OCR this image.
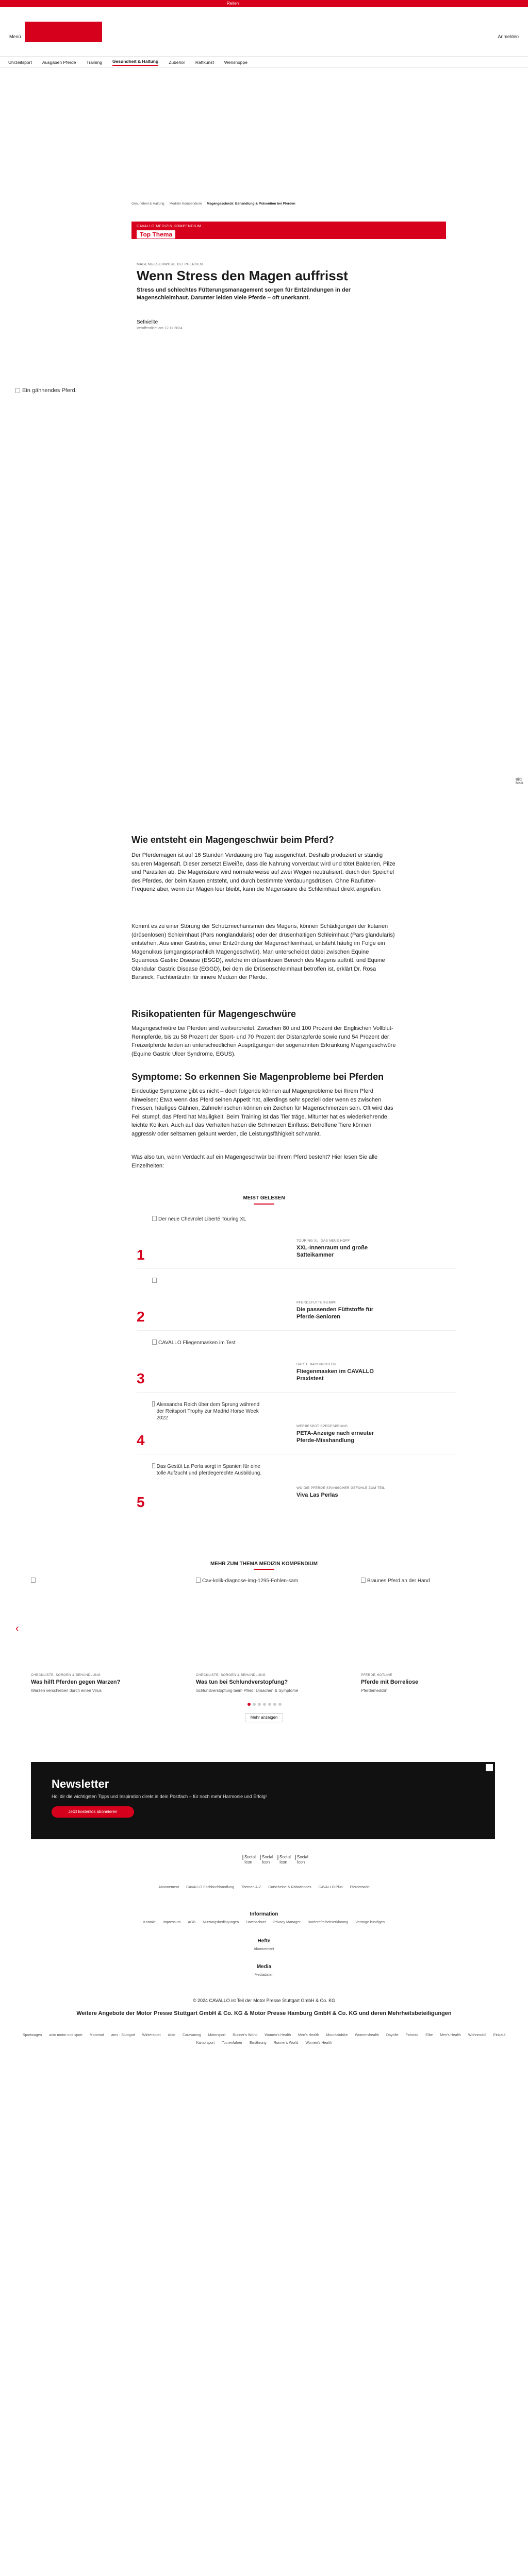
Reiten
Menü	Anmelden
Uhrzeitsport Ausgaben Pferde Training Gesundheit & Haltung Zubehör Rattkunst Wenshoppe
Gesundheit & Haltung Medizin Kompendium Magengeschwür: Behandlung & Prävention bei Pferden
CAVALLO MEDIZIN KOMPENDIUM
Top Thema
MAGENGESCHWÜRE BEI PFERDEN
Wenn Stress den Magen auffrisst

Stress und schlechtes Fütterungsmanagement sorgen für Entzündungen in der Magenschleimhaut. Darunter leiden viele Pferde – oft unerkannt.

Sefniellte
Veröffentlicht am 12.11.2024
Ein gähnendes Pferd.
Bild: Maik
Wie entsteht ein Magengeschwür beim Pferd?

Der Pferdemagen ist auf 16 Stunden Verdauung pro Tag ausgerichtet. Deshalb produziert er ständig saueren Magensaft. Dieser zersetzt Eiweiße, dass die Nahrung vorverdaut wird und tötet Bakterien, Pilze und Parasiten ab. Die Magensäure wird normalerweise auf zwei Wegen neutralisiert: durch den Speichel des Pferdes, der beim Kauen entsteht, und durch bestimmte Verdauungsdrüsen. Ohne Raufutter-Frequenz aber, wenn der Magen leer bleibt, kann die Magensäure die Schleimhaut direkt angreifen.

Kommt es zu einer Störung der Schutzmechanismen des Magens, können Schädigungen der kutanen (drüsenlosen) Schleimhaut (Pars nonglandularis) oder der drüsenhaltigen Schleimhaut (Pars glandularis) entstehen. Aus einer Gastritis, einer Entzündung der Magenschleimhaut, entsteht häufig im Folge ein Magenulkus (umgangssprachlich Magengeschwür). Man unterscheidet dabei zwischen Equine Squamous Gastric Disease (ESGD), welche im drüsenlosen Bereich des Magens auftritt, und Equine Glandular Gastric Disease (EGGD), bei dem die Drüsenschleimhaut betroffen ist, erklärt Dr. Rosa Barsnick, Fachtierärztin für innere Medizin der Pferde.

Risikopatienten für Magengeschwüre

Magengeschwüre bei Pferden sind weitverbreitet: Zwischen 80 und 100 Prozent der Englischen Vollblut-Rennpferde, bis zu 58 Prozent der Sport- und 70 Prozent der Distanzpferde sowie rund 54 Prozent der Freizeitpferde leiden an unterschiedlichen Ausprägungen der sogenannten Erkrankung Magengeschwüre (Equine Gastric Ulcer Syndrome, EGUS).

Symptome: So erkennen Sie Magenprobleme bei Pferden

Eindeutige Symptome gibt es nicht – doch folgende können auf Magenprobleme bei Ihrem Pferd hinweisen: Etwa wenn das Pferd seinen Appetit hat, allerdings sehr speziell oder wenn es zwischen Fressen, häufiges Gähnen, Zähneknirschen können ein Zeichen für Magenschmerzen sein. Oft wird das Fell stumpf, das Pferd hat Mauligkeit. Beim Training ist das Tier träge. Mitunter hat es wiederkehrende, leichte Koliken. Auch auf das Verhalten haben die Schmerzen Einfluss: Betroffene Tiere können aggressiv oder seltsamen gelaunt werden, die Leistungsfähigkeit schwankt.

Was also tun, wenn Verdacht auf ein Magengeschwür bei Ihrem Pferd besteht? Hier lesen Sie alle Einzelheiten:

MEIST GELESEN
1
Der neue Chevrolet Liberté Touring XL
TOURING XL: DAS NEUE HOFF
XXL-Innenraum und große Satteikammer
2
PFERDEFUTTER-EMPF
Die passenden Füttstoffe für Pferde-Senioren
3
CAVALLO Fliegenmasken im Test
HARTE NACHRICHTEN
Fliegenmasken im CAVALLO Praxistest
4
Alessandra Reich über dem Sprung während der Reitsport Trophy zur Madrid Horse Week 2022
WERBESPOT SPEDESPRUNG
PETA-Anzeige nach erneuter Pferde-Misshandlung
5
Das Gestüt La Perla sorgt in Spanien für eine tolle Aufzucht und pferdegerechte Ausbildung.
WO DIE PFERDE SPANISCHER GEFÜHLE ZUM TEIL
Viva Las Perlas
MEHR ZUM THEMA MEDIZIN KOMPENDIUM
‹
CHECKLISTE, SORGEN & BEHANDLUNG
Was hilft Pferden gegen Warzen?
Warzen verschieben durch einen Virus
Cav-kolik-diagnose-img-1295-Fohlen-sam
CHECKLISTE, SORGEN & BEHANDLUNG
Was tun bei Schlundverstopfung?
Schlundverstopfung beim Pferd: Ursachen & Symptome
Braunes Pferd an der Hand
PFERDE-HOTLINE
Pferde mit Borreliose
Pferdemedizin
Mehr anzeigen
Newsletter
Hol dir die wichtigsten Tipps und Inspiration direkt in dein Postfach – für noch mehr Harmonie und Erfolg!
Jetzt kostenlos abonnieren
Social Icon
Social Icon
Social Icon
Social Icon
Abonnement CAVALLO Fachbuchhandlung Themen A-Z Gutscheine & Rabattcodes CAVALLO Plus Pferdemarkt
Information
Kontakt Impressum AGB Nutzungsbedingungen Datenschutz Privacy Manager Barrierefreiheitserklärung Verträge kündigen
Hefte
Abonnement
Media
Mediadaten
© 2024 CAVALLO ist Teil der Motor Presse Stuttgart GmbH & Co. KG
Weitere Angebote der Motor Presse Stuttgart GmbH & Co. KG & Motor Presse Hamburg GmbH & Co. KG und deren Mehrheitsbeteiligungen
Sportwagen auto motor und sport Motorrad ams - Stuttgart Wintersport Auto Caravaning Motorsport Runner's World Women's Health Men's Health Mountainbike Womenshealth Dayofie Fahrrad Elbe Men's Health Wohnmobil Einkauf
Kampfsport Tourenfahrer Ernährung Runner's World Women's Health
